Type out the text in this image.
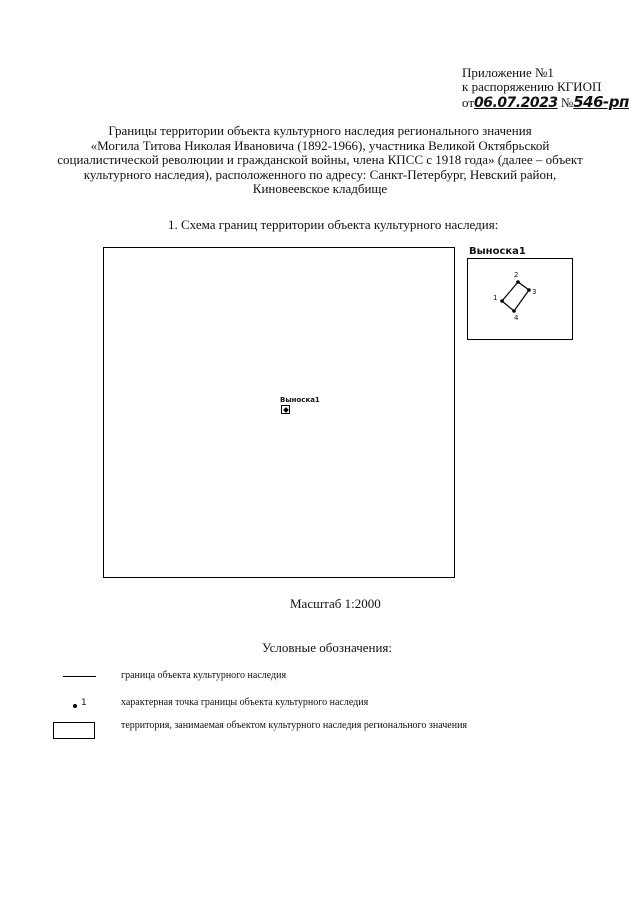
Приложение №1
к распоряжению КГИОП
от06.07.2023 №546-рп
Границы территории объекта культурного наследия регионального значения
«Могила Титова Николая Ивановича (1892-1966), участника Великой Октябрьской
социалистической революции и гражданской войны, члена КПСС с 1918 года» (далее – объект
культурного наследия), расположенного по адресу: Санкт-Петербург, Невский район,
Киновеевское кладбище
1. Схема границ территории объекта культурного наследия:
Выноска1
Выноска1
1
2
3
4
Масштаб 1:2000
Условные обозначения:
граница объекта культурного наследия
1	характерная точка границы объекта культурного наследия
территория, занимаемая объектом культурного наследия регионального значения
